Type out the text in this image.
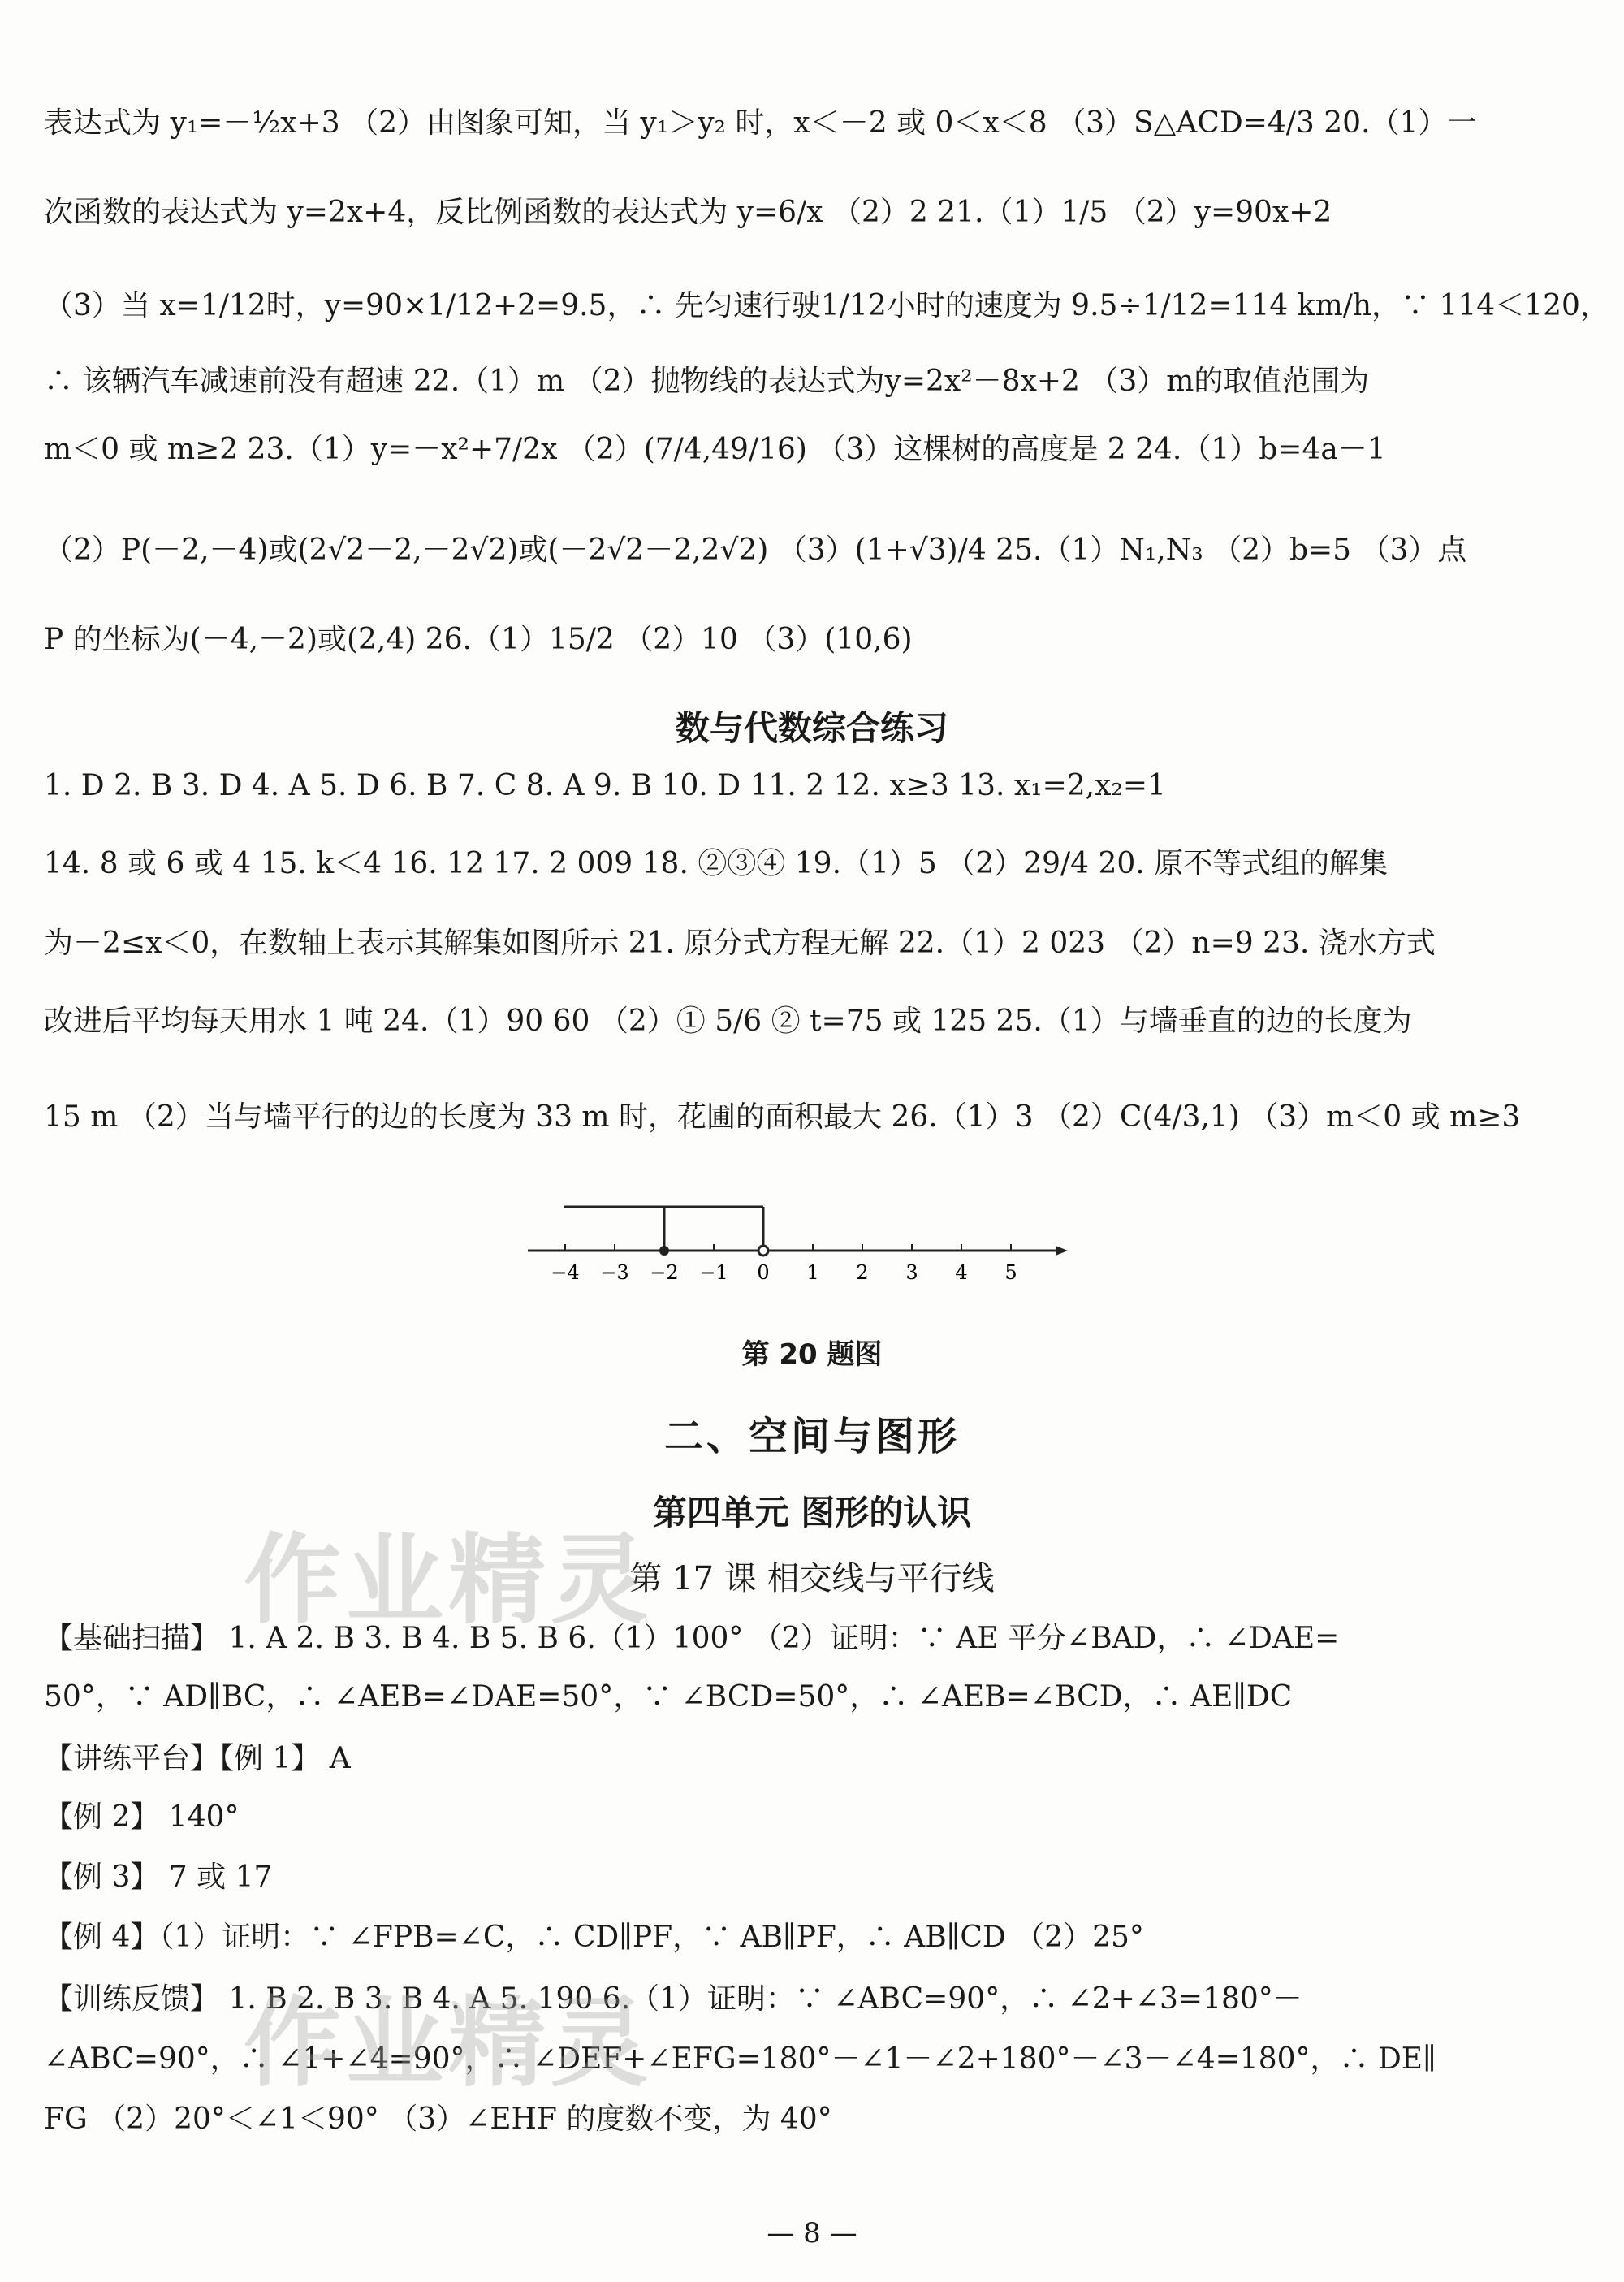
表达式为 y₁=－½x+3 （2）由图象可知，当 y₁＞y₂ 时，x＜－2 或 0＜x＜8 （3）S△ACD=4/3 20.（1）一
次函数的表达式为 y=2x+4，反比例函数的表达式为 y=6/x （2）2 21.（1）1/5 （2）y=90x+2
（3）当 x=1/12时，y=90×1/12+2=9.5，∴ 先匀速行驶1/12小时的速度为 9.5÷1/12=114 km/h，∵ 114＜120，
∴ 该辆汽车减速前没有超速 22.（1）m （2）抛物线的表达式为y=2x²－8x+2 （3）m的取值范围为
m＜0 或 m≥2 23.（1）y=－x²+7/2x （2）(7/4,49/16) （3）这棵树的高度是 2 24.（1）b=4a－1
（2）P(－2,－4)或(2√2－2,－2√2)或(－2√2－2,2√2) （3）(1+√3)/4 25.（1）N₁,N₃ （2）b=5 （3）点
P 的坐标为(－4,－2)或(2,4) 26.（1）15/2 （2）10 （3）(10,6)
数与代数综合练习
1. D 2. B 3. D 4. A 5. D 6. B 7. C 8. A 9. B 10. D 11. 2 12. x≥3 13. x₁=2,x₂=1
14. 8 或 6 或 4 15. k＜4 16. 12 17. 2 009 18. ②③④ 19.（1）5 （2）29/4 20. 原不等式组的解集
为－2≤x＜0，在数轴上表示其解集如图所示 21. 原分式方程无解 22.（1）2 023 （2）n=9 23. 浇水方式
改进后平均每天用水 1 吨 24.（1）90 60 （2）① 5/6 ② t=75 或 125 25.（1）与墙垂直的边的长度为
15 m （2）当与墙平行的边的长度为 33 m 时，花圃的面积最大 26.（1）3 （2）C(4/3,1) （3）m＜0 或 m≥3
−4 −3 −2 −1 0 1 2 3 4 5
第 20 题图
二、空间与图形
第四单元 图形的认识
第 17 课 相交线与平行线
【基础扫描】 1. A 2. B 3. B 4. B 5. B 6.（1）100° （2）证明：∵ AE 平分∠BAD，∴ ∠DAE=
50°，∵ AD∥BC，∴ ∠AEB=∠DAE=50°，∵ ∠BCD=50°，∴ ∠AEB=∠BCD，∴ AE∥DC
【讲练平台】【例 1】 A
【例 2】 140°
【例 3】 7 或 17
【例 4】（1）证明：∵ ∠FPB=∠C，∴ CD∥PF，∵ AB∥PF，∴ AB∥CD （2）25°
【训练反馈】 1. B 2. B 3. B 4. A 5. 190 6.（1）证明：∵ ∠ABC=90°，∴ ∠2+∠3=180°－
∠ABC=90°，∴ ∠1+∠4=90°，∴ ∠DEF+∠EFG=180°－∠1－∠2+180°－∠3－∠4=180°，∴ DE∥
FG （2）20°＜∠1＜90° （3）∠EHF 的度数不变，为 40°
— 8 —
作业精灵
作业精灵
